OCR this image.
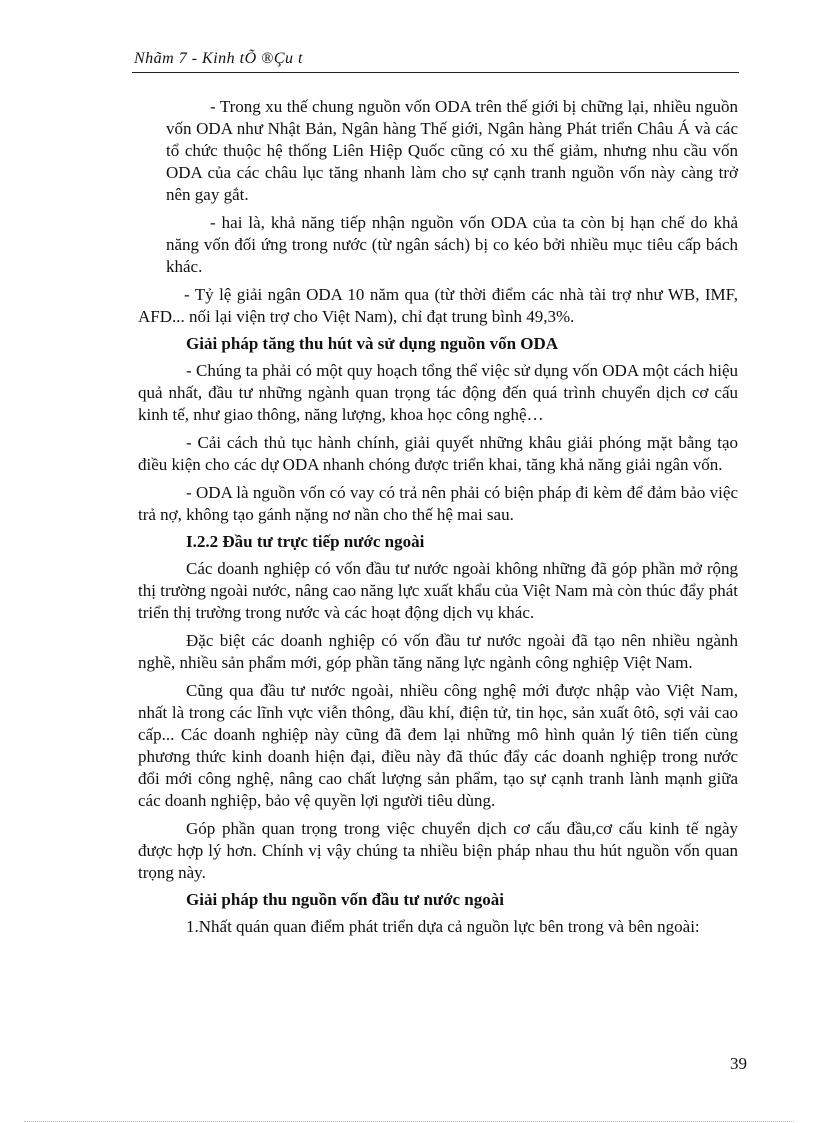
Nhãm 7 - Kinh tÕ ®Çu t

- Trong xu thế chung nguồn vốn ODA trên thế giới bị chững lại, nhiều nguồn vốn ODA như Nhật Bản, Ngân hàng Thế giới, Ngân hàng Phát triển Châu Á và các tổ chức thuộc hệ thống Liên Hiệp Quốc cũng có xu thế giảm, nhưng nhu cầu vốn ODA của các châu lục tăng nhanh làm cho sự cạnh tranh nguồn vốn này càng trở nên gay gắt.

- hai là, khả năng tiếp nhận nguồn vốn ODA của ta còn bị hạn chế do khả năng vốn đối ứng trong nước (từ ngân sách) bị co kéo bởi nhiều mục tiêu cấp bách khác.

- Tỷ lệ giải ngân ODA 10 năm qua (từ thời điểm các nhà tài trợ như WB, IMF, AFD... nối lại viện trợ cho Việt Nam), chỉ đạt trung bình 49,3%.

Giải pháp tăng thu hút và sử dụng nguồn vốn ODA

- Chúng ta phải có một quy hoạch tổng thể việc sử dụng vốn ODA một cách hiệu quả nhất, đầu tư những ngành quan trọng tác động đến quá trình chuyển dịch cơ cấu kinh tế, như giao thông, năng lượng, khoa học công nghệ…

- Cải cách thủ tục hành chính, giải quyết những khâu giải phóng mặt bằng tạo điều kiện cho các dự ODA nhanh chóng được triển khai, tăng khả năng giải ngân vốn.

- ODA là nguồn vốn có vay có trả nên phải có biện pháp đi kèm để đảm bảo việc trả nợ, không tạo gánh nặng nơ nần cho thế hệ mai sau.

I.2.2 Đầu tư trực tiếp nước ngoài

Các doanh nghiệp có vốn đầu tư nước ngoài không những đã góp phần mở rộng thị trường ngoài nước, nâng cao năng lực xuất khẩu của Việt Nam mà còn thúc đẩy phát triển thị trường trong nước và các hoạt động dịch vụ khác.

Đặc biệt các doanh nghiệp có vốn đầu tư nước ngoài đã tạo nên nhiều ngành nghề, nhiều sản phẩm mới, góp phần tăng năng lực ngành công nghiệp Việt Nam.

Cũng qua đầu tư nước ngoài, nhiều công nghệ mới được nhập vào Việt Nam, nhất là trong các lĩnh vực viễn thông, dầu khí, điện tử, tin học, sản xuất ôtô, sợi vải cao cấp... Các doanh nghiệp này cũng đã đem lại những mô hình quản lý tiên tiến cùng phương thức kinh doanh hiện đại, điều này đã thúc đẩy các doanh nghiệp trong nước đổi mới công nghệ, nâng cao chất lượng sản phẩm, tạo sự cạnh tranh lành mạnh giữa các doanh nghiệp, bảo vệ quyền lợi người tiêu dùng.

Góp phần quan trọng trong việc chuyển dịch cơ cấu đầu,cơ cấu kinh tế ngày được hợp lý hơn. Chính vị vậy chúng ta nhiều biện pháp nhau thu hút nguồn vốn quan trọng này.

Giải pháp thu nguồn vốn đầu tư nước ngoài

1.Nhất quán quan điểm phát triển dựa cả nguồn lực bên trong và bên ngoài:

39
